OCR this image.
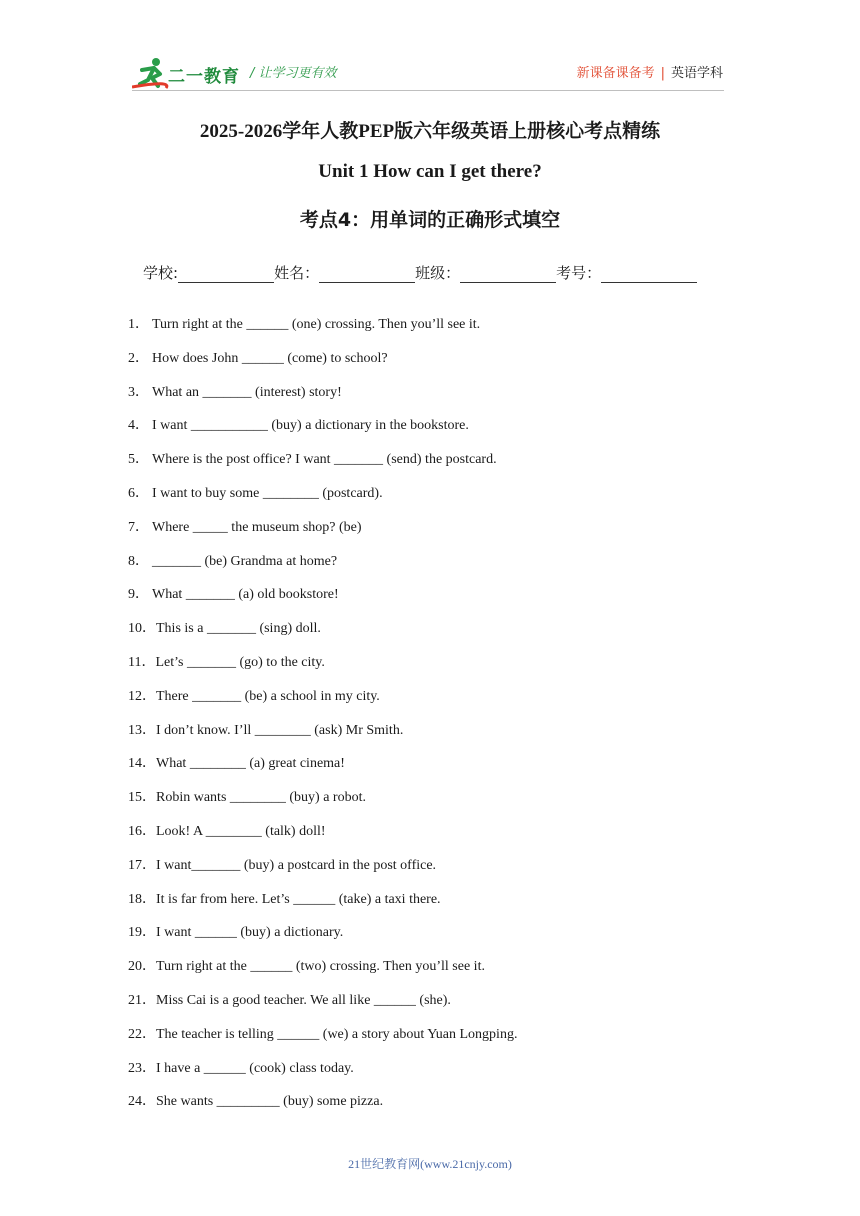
二一教育 / 让学习更有效	新课备课备考 | 英语学科
2025-2026学年人教PEP版六年级英语上册核心考点精练
Unit 1 How can I get there?
考点4：用单词的正确形式填空
学校:	姓名：	班级：	考号：
1． Turn right at the ______ (one) crossing. Then you’ll see it.
2． How does John ______ (come) to school?
3． What an _______ (interest) story!
4． I want ___________ (buy) a dictionary in the bookstore.
5． Where is the post office? I want _______ (send) the postcard.
6． I want to buy some ________ (postcard).
7． Where _____ the museum shop? (be)
8． _______ (be) Grandma at home?
9． What _______ (a) old bookstore!
10．This is a _______ (sing) doll.
11．Let’s _______ (go) to the city.
12．There _______ (be) a school in my city.
13．I don’t know. I’ll ________ (ask) Mr Smith.
14．What ________ (a) great cinema!
15．Robin wants ________ (buy) a robot.
16．Look! A ________ (talk) doll!
17．I want_______ (buy) a postcard in the post office.
18．It is far from here. Let’s ______ (take) a taxi there.
19．I want ______ (buy) a dictionary.
20．Turn right at the ______ (two) crossing. Then you’ll see it.
21．Miss Cai is a good teacher. We all like ______ (she).
22．The teacher is telling ______ (we) a story about Yuan Longping.
23．I have a ______ (cook) class today.
24．She wants _________ (buy) some pizza.
21世纪教育网(www.21cnjy.com)
